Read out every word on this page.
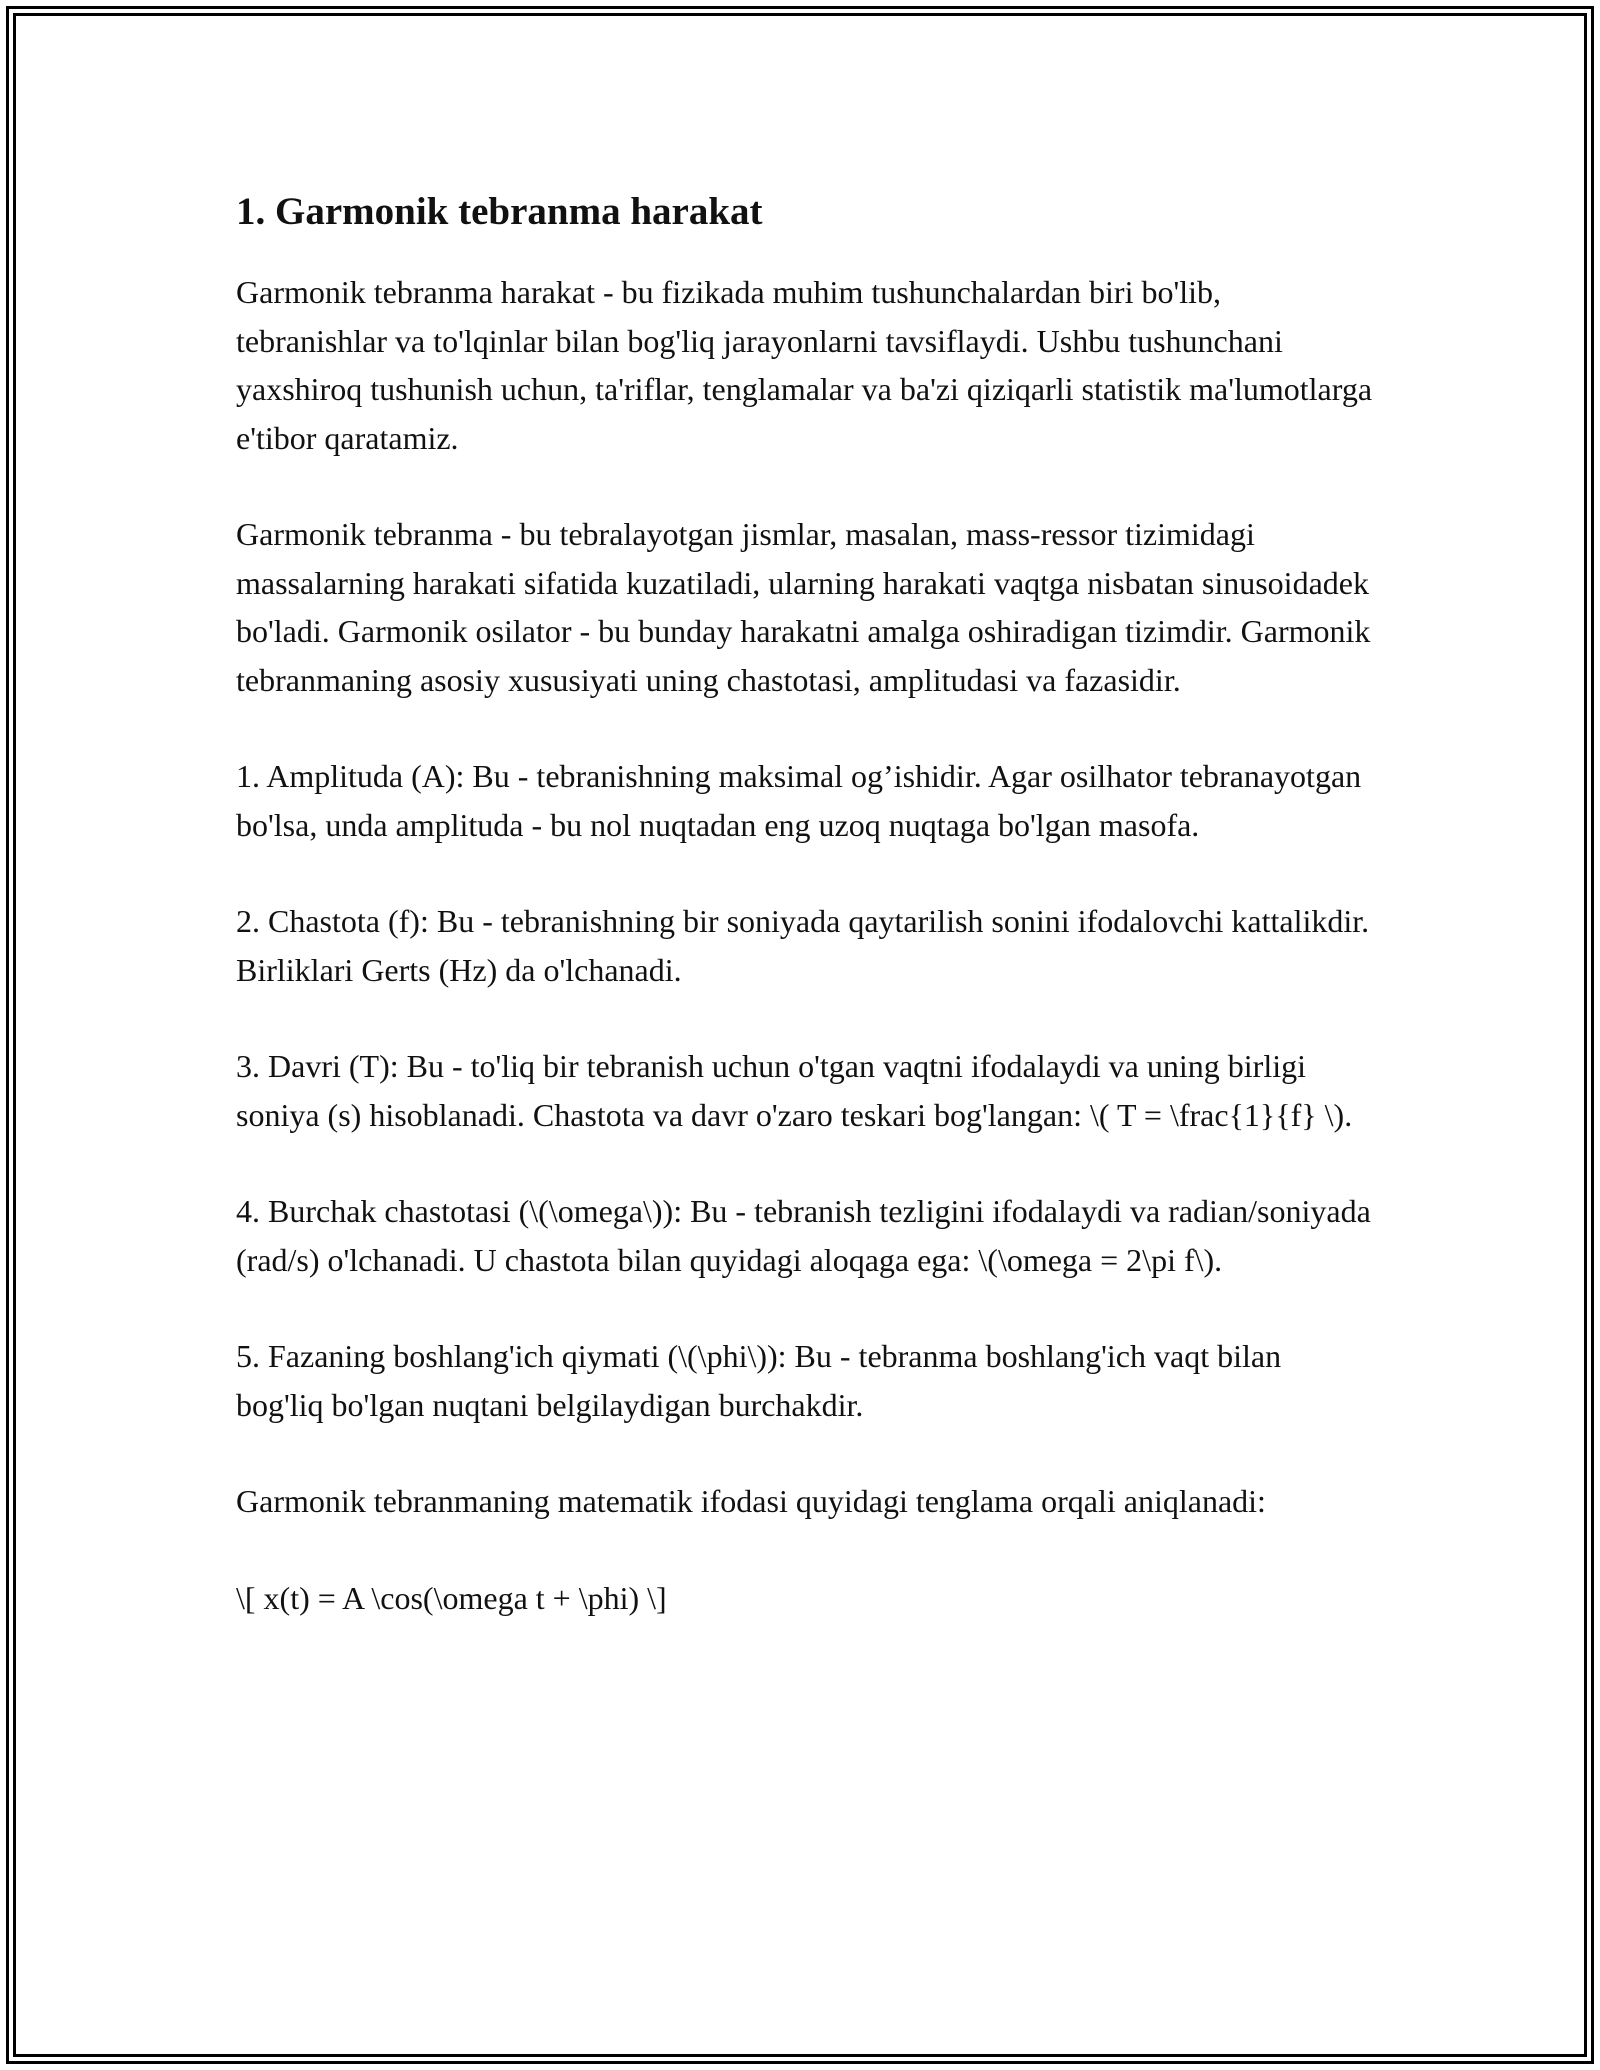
1. Garmonik tebranma harakat

Garmonik tebranma harakat - bu fizikada muhim tushunchalardan biri bo'lib, tebranishlar va to'lqinlar bilan bog'liq jarayonlarni tavsiflaydi. Ushbu tushunchani yaxshiroq tushunish uchun, ta'riflar, tenglamalar va ba'zi qiziqarli statistik ma'lumotlarga e'tibor qaratamiz.

Garmonik tebranma - bu tebralayotgan jismlar, masalan, mass-ressor tizimidagi massalarning harakati sifatida kuzatiladi, ularning harakati vaqtga nisbatan sinusoidadek bo'ladi. Garmonik osilator - bu bunday harakatni amalga oshiradigan tizimdir. Garmonik tebranmaning asosiy xususiyati uning chastotasi, amplitudasi va fazasidir.

1. Amplituda (A): Bu - tebranishning maksimal og’ishidir. Agar osilhator tebranayotgan bo'lsa, unda amplituda - bu nol nuqtadan eng uzoq nuqtaga bo'lgan masofa.

2. Chastota (f): Bu - tebranishning bir soniyada qaytarilish sonini ifodalovchi kattalikdir. Birliklari Gerts (Hz) da o'lchanadi.

3. Davri (T): Bu - to'liq bir tebranish uchun o'tgan vaqtni ifodalaydi va uning birligi soniya (s) hisoblanadi. Chastota va davr o'zaro teskari bog'langan: \( T = \frac{1}{f} \).

4. Burchak chastotasi (\(\omega\)): Bu - tebranish tezligini ifodalaydi va radian/soniyada (rad/s) o'lchanadi. U chastota bilan quyidagi aloqaga ega: \(\omega = 2\pi f\).

5. Fazaning boshlang'ich qiymati (\(\phi\)): Bu - tebranma boshlang'ich vaqt bilan bog'liq bo'lgan nuqtani belgilaydigan burchakdir.

Garmonik tebranmaning matematik ifodasi quyidagi tenglama orqali aniqlanadi:

\[ x(t) = A \cos(\omega t + \phi) \]
